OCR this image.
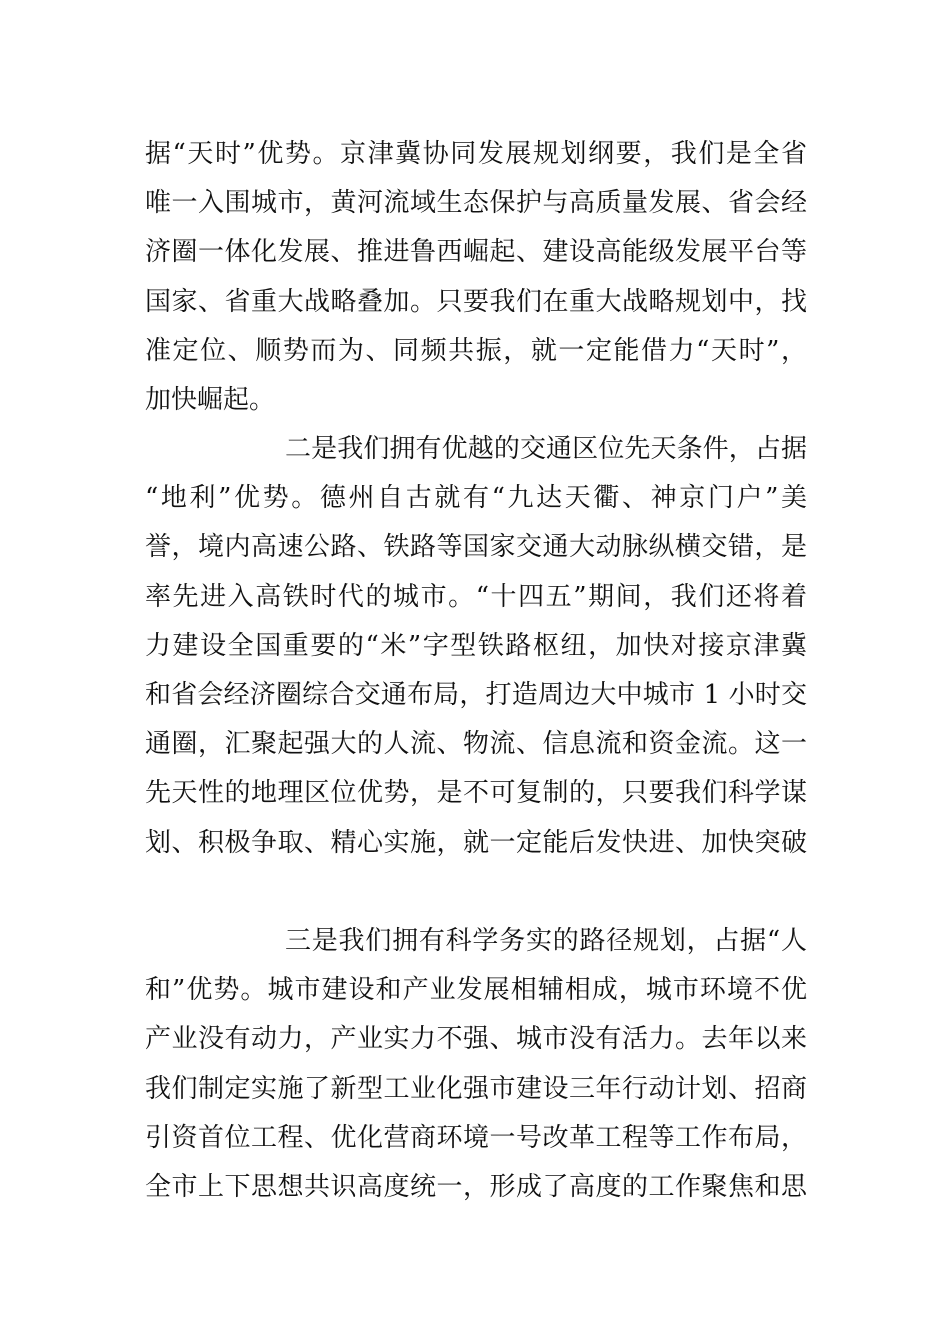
据“天时”优势。京津冀协同发展规划纲要，我们是全省
唯一入围城市，黄河流域生态保护与高质量发展、省会经
济圈一体化发展、推进鲁西崛起、建设高能级发展平台等
国家、省重大战略叠加。只要我们在重大战略规划中，找
准定位、顺势而为、同频共振，就一定能借力“天时”，
加快崛起。
二是我们拥有优越的交通区位先天条件，占据
“地利”优势。德州自古就有“九达天衢、神京门户”美
誉，境内高速公路、铁路等国家交通大动脉纵横交错，是
率先进入高铁时代的城市。“十四五”期间，我们还将着
力建设全国重要的“米”字型铁路枢纽，加快对接京津冀
和省会经济圈综合交通布局，打造周边大中城市 1 小时交
通圈，汇聚起强大的人流、物流、信息流和资金流。这一
先天性的地理区位优势，是不可复制的，只要我们科学谋
划、积极争取、精心实施，就一定能后发快进、加快突破
三是我们拥有科学务实的路径规划，占据“人
和”优势。城市建设和产业发展相辅相成，城市环境不优
产业没有动力，产业实力不强、城市没有活力。去年以来
我们制定实施了新型工业化强市建设三年行动计划、招商
引资首位工程、优化营商环境一号改革工程等工作布局，
全市上下思想共识高度统一，形成了高度的工作聚焦和思
